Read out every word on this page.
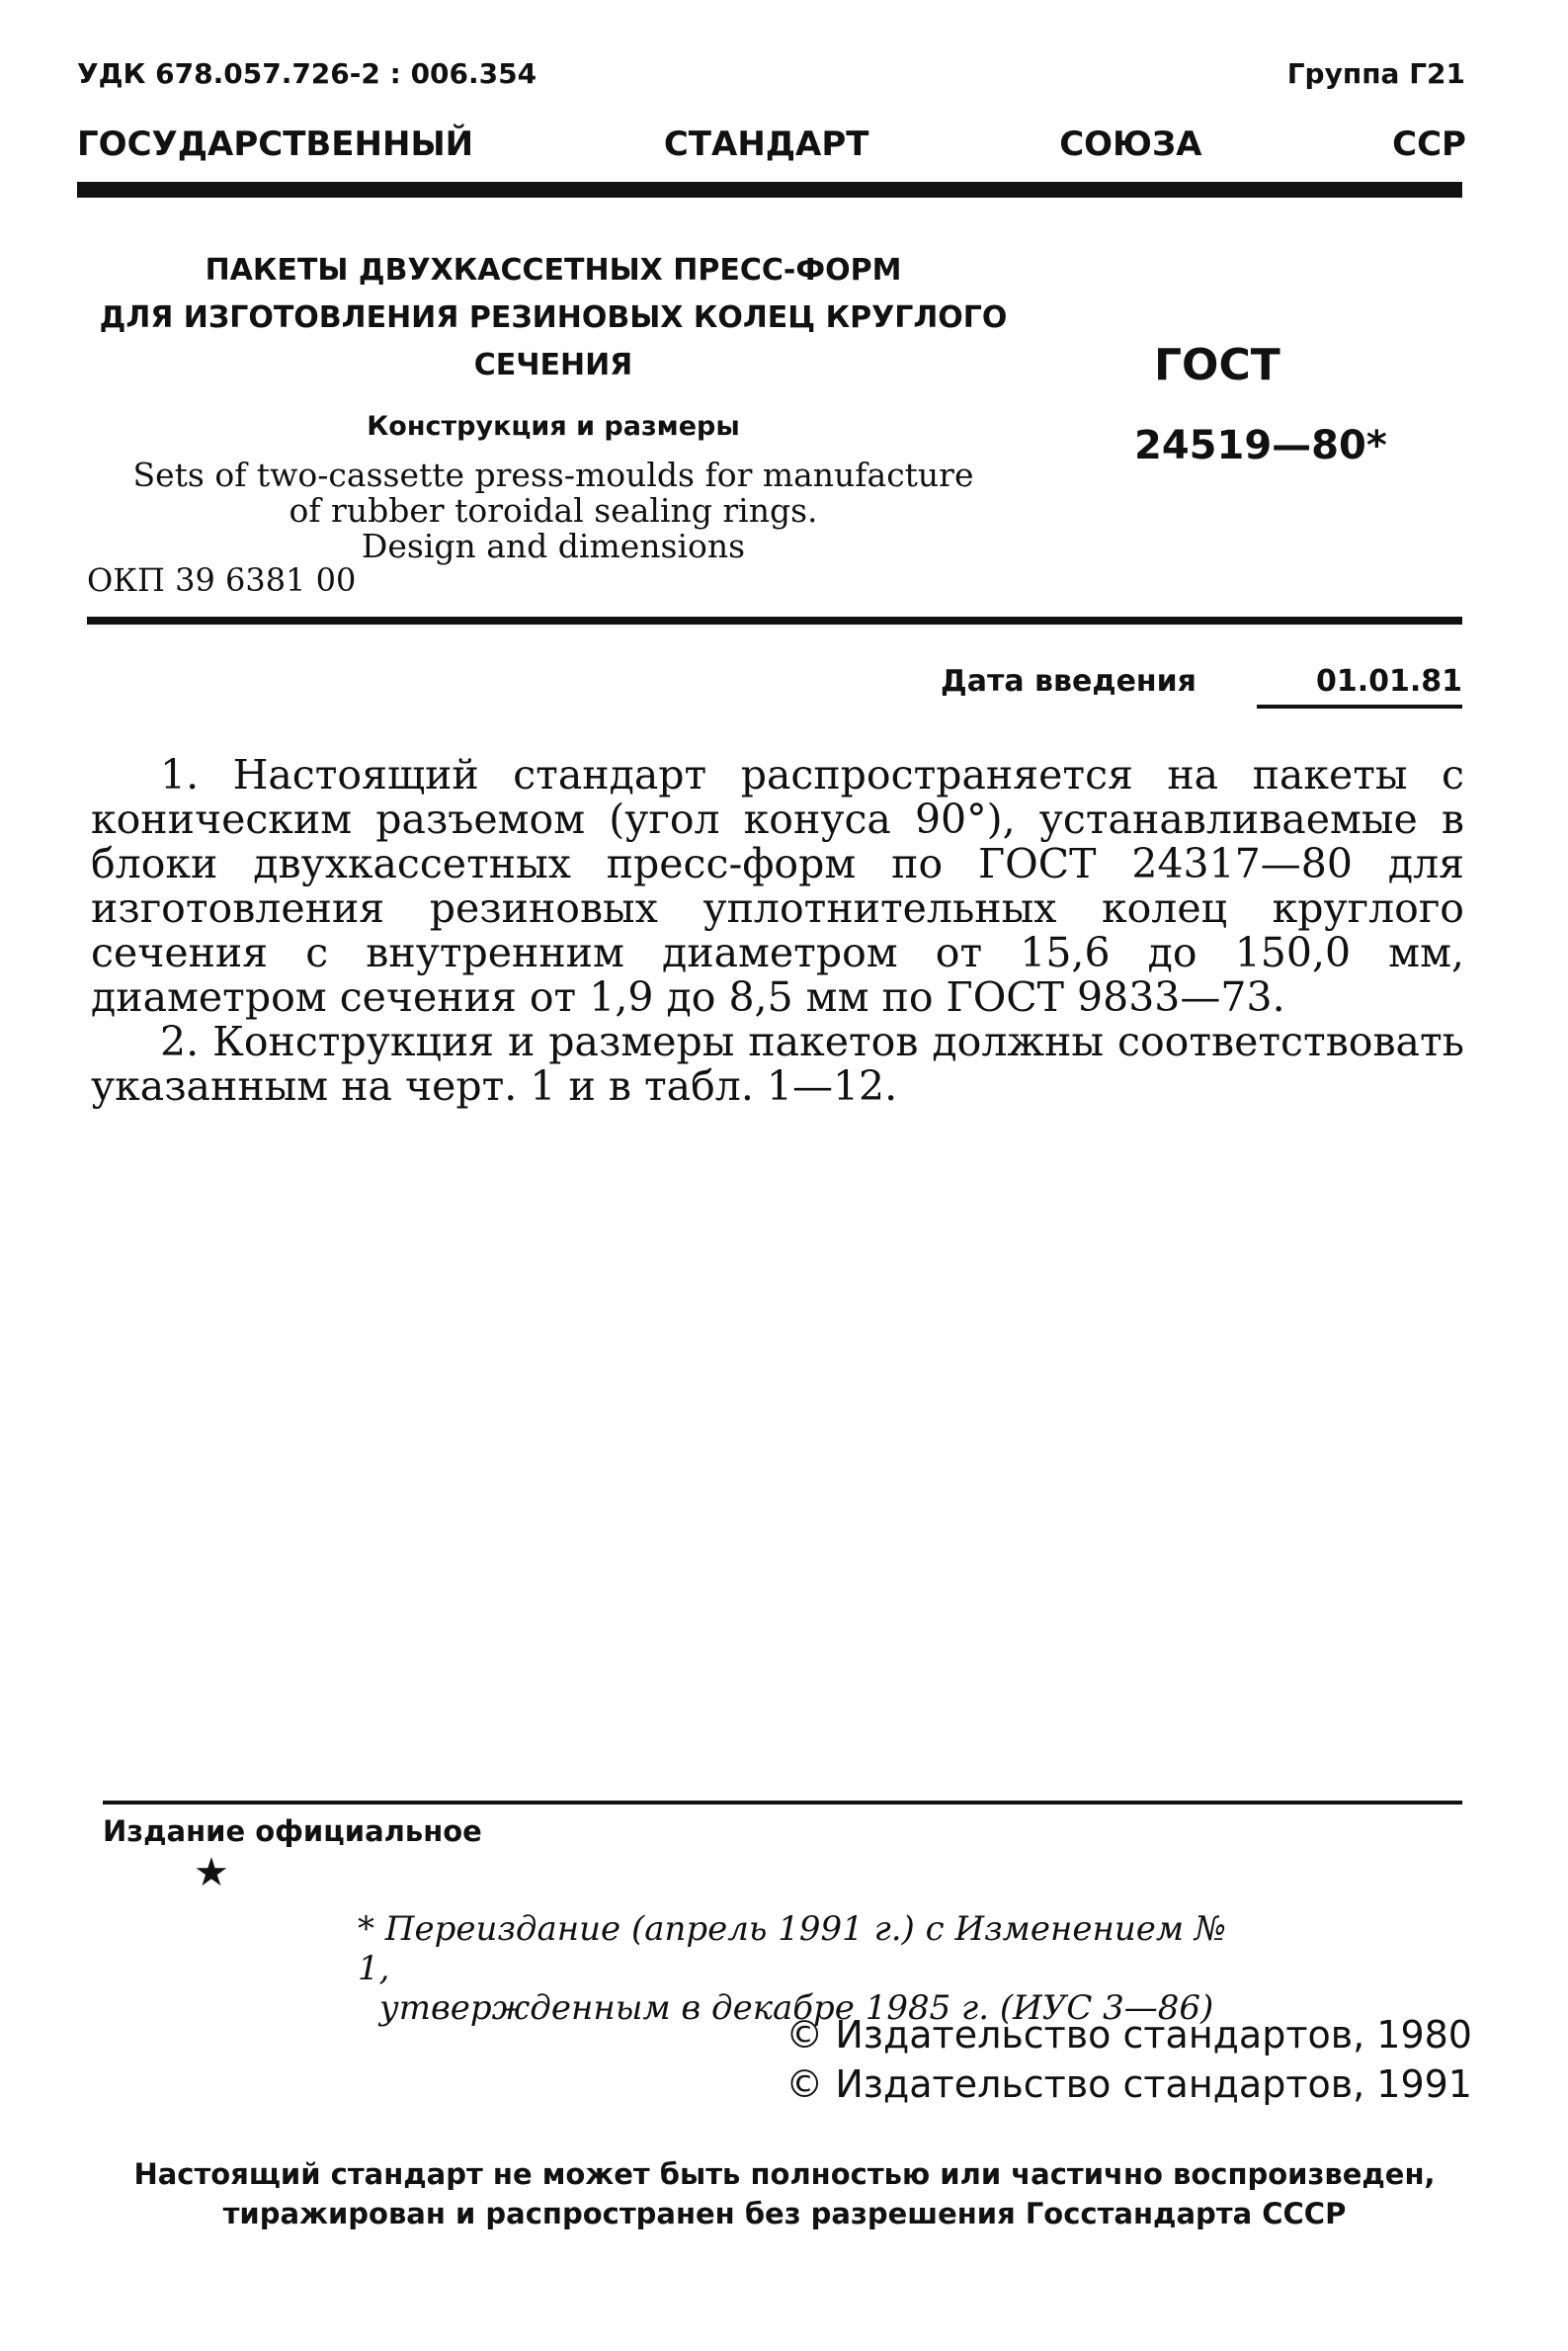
УДК 678.057.726-2 : 006.354	Группа Г21
ГОСУДАРСТВЕННЫЙ	СТАНДАРТ	СОЮЗА	ССР
ПАКЕТЫ ДВУХКАССЕТНЫХ ПРЕСС-ФОРМ
ДЛЯ ИЗГОТОВЛЕНИЯ РЕЗИНОВЫХ КОЛЕЦ КРУГЛОГО
СЕЧЕНИЯ
Конструкция и размеры
Sets of two-cassette press-moulds for manufacture
of rubber toroidal sealing rings.
Design and dimensions
ОКП 39 6381 00
ГОСТ
24519—80*
Дата введения	01.01.81

1. Настоящий стандарт распространяется на пакеты с коническим разъемом (угол конуса 90°), устанавливаемые в блоки двухкассетных пресс-форм по ГОСТ 24317—80 для изготовления резиновых уплотнительных колец круглого сечения с внутренним диаметром от 15,6 до 150,0 мм, диаметром сечения от 1,9 до 8,5 мм по ГОСТ 9833—73.

2. Конструкция и размеры пакетов должны соответствовать указанным на черт. 1 и в табл. 1—12.

Издание официальное
★
* Переиздание (апрель 1991 г.) с Изменением № 1,
утвержденным в декабре 1985 г. (ИУС 3—86)
© Издательство стандартов, 1980
© Издательство стандартов, 1991
Настоящий стандарт не может быть полностью или частично воспроизведен,
тиражирован и распространен без разрешения Госстандарта СССР
